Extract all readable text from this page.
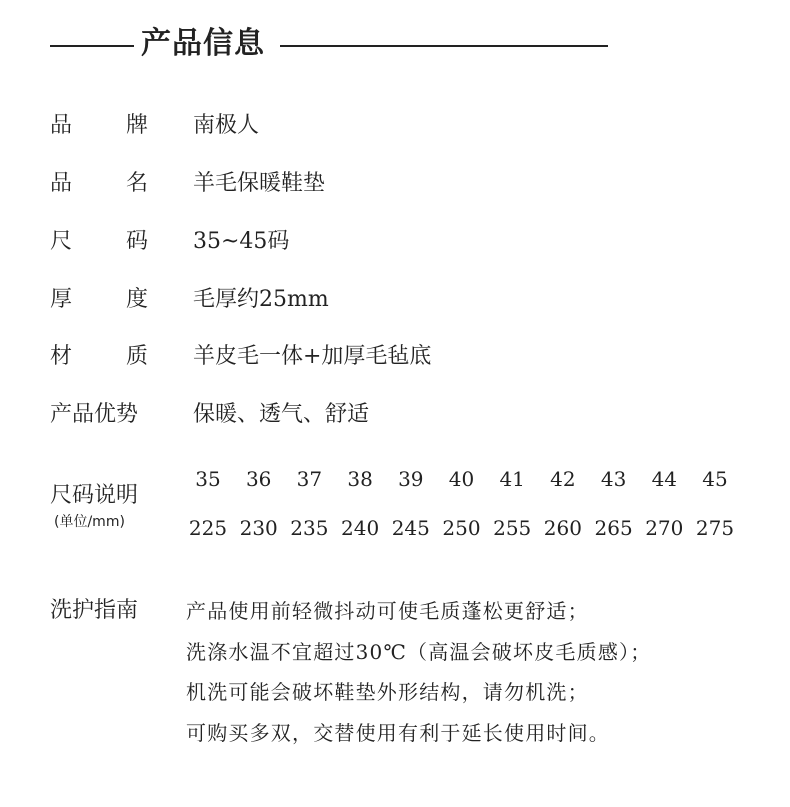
产品信息
品 牌 南极人
品 名 羊毛保暖鞋垫
尺 码 35~45码
厚 度 毛厚约25mm
材 质 羊皮毛一体+加厚毛毡底
产品优势 保暖、透气、舒适
尺码说明
(单位/mm)
35
225
36
230
37
235
38
240
39
245
40
250
41
255
42
260
43
265
44
270
45
275
洗护指南 产品使用前轻微抖动可使毛质蓬松更舒适；
洗涤水温不宜超过30℃（高温会破坏皮毛质感）；
机洗可能会破坏鞋垫外形结构，请勿机洗；
可购买多双，交替使用有利于延长使用时间。
